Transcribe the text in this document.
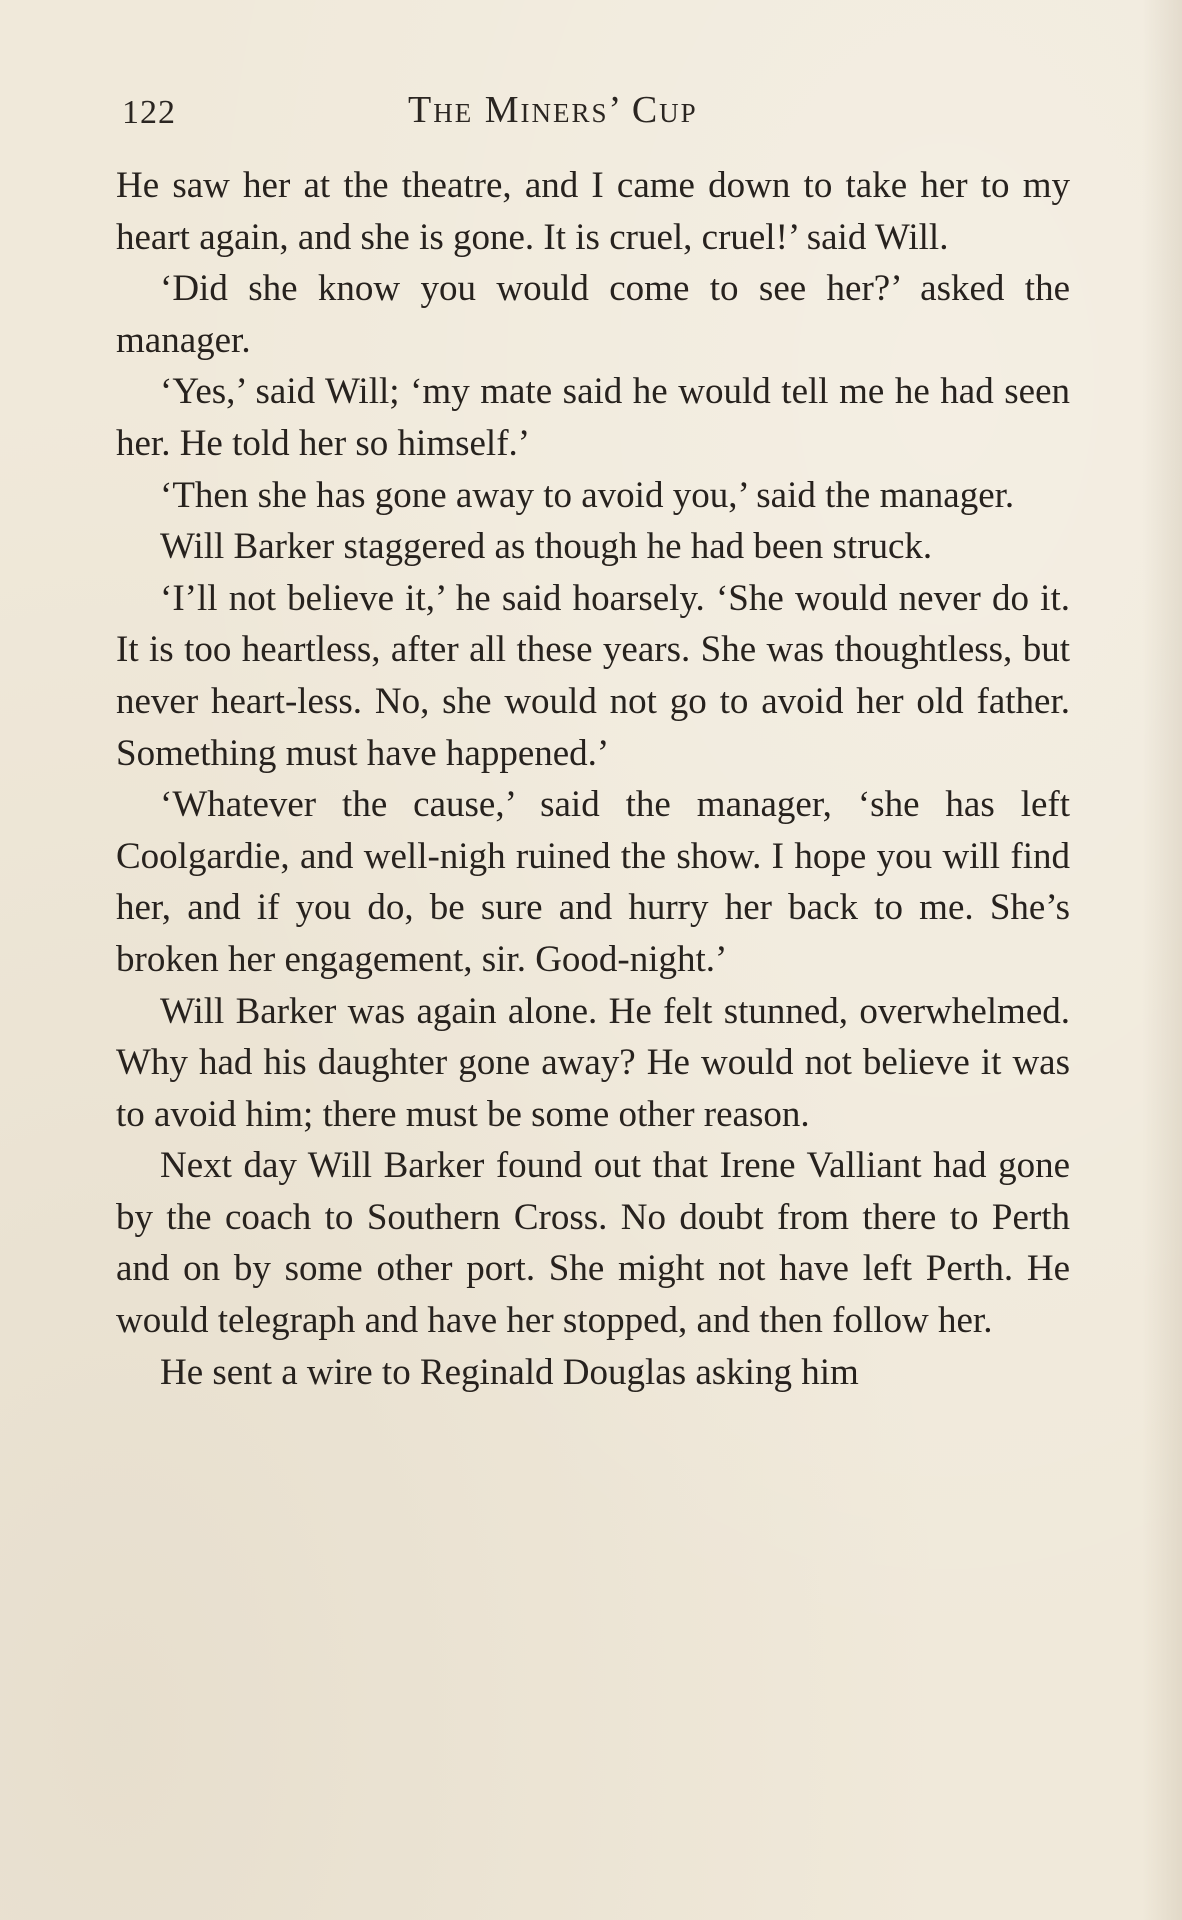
122	The Miners’ Cup

He saw her at the theatre, and I came down to take her to my heart again, and she is gone. It is cruel, cruel!’ said Will.

‘Did she know you would come to see her?’ asked the manager.

‘Yes,’ said Will; ‘my mate said he would tell me he had seen her. He told her so himself.’

‘Then she has gone away to avoid you,’ said the manager.

Will Barker staggered as though he had been struck.

‘I’ll not believe it,’ he said hoarsely. ‘She would never do it. It is too heartless, after all these years. She was thoughtless, but never heart-less. No, she would not go to avoid her old father. Something must have happened.’

‘Whatever the cause,’ said the manager, ‘she has left Coolgardie, and well-nigh ruined the show. I hope you will find her, and if you do, be sure and hurry her back to me. She’s broken her engagement, sir. Good-night.’

Will Barker was again alone. He felt stunned, overwhelmed. Why had his daughter gone away? He would not believe it was to avoid him; there must be some other reason.

Next day Will Barker found out that Irene Valliant had gone by the coach to Southern Cross. No doubt from there to Perth and on by some other port. She might not have left Perth. He would telegraph and have her stopped, and then follow her.

He sent a wire to Reginald Douglas asking him
